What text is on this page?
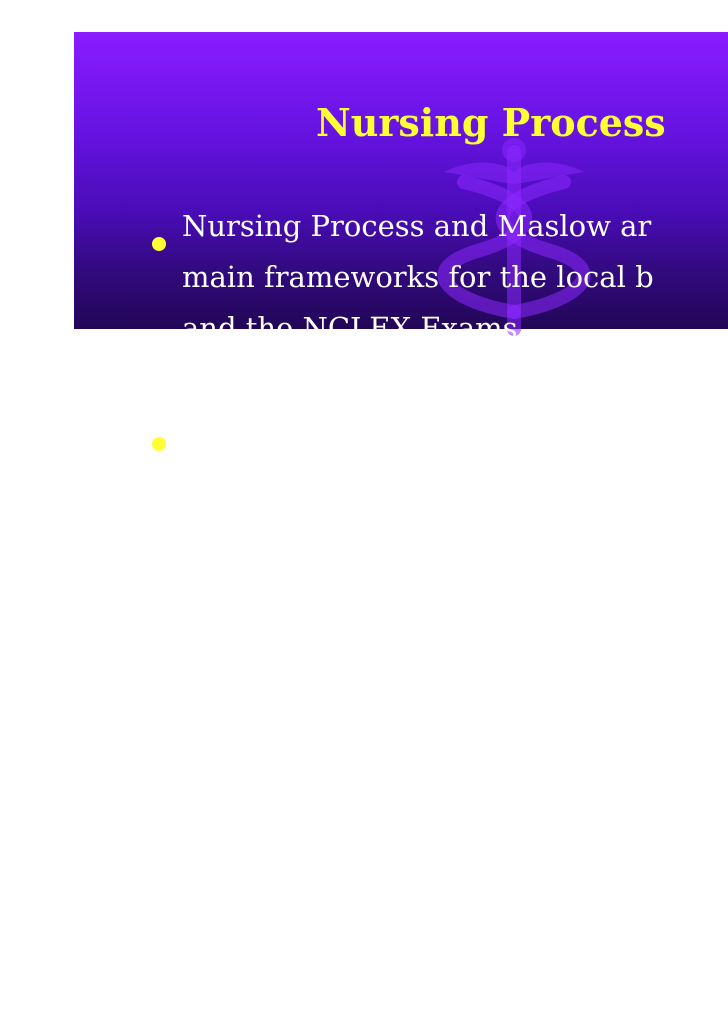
Nursing Process
Nursing Process and Maslow ar
main frameworks for the local b
and the NCLEX Exams.
Remember ONLY the RN can a
develop a plan of care, evaluate
educate clients.
Maria Carmela L. DOmocmat. RN, MSN
